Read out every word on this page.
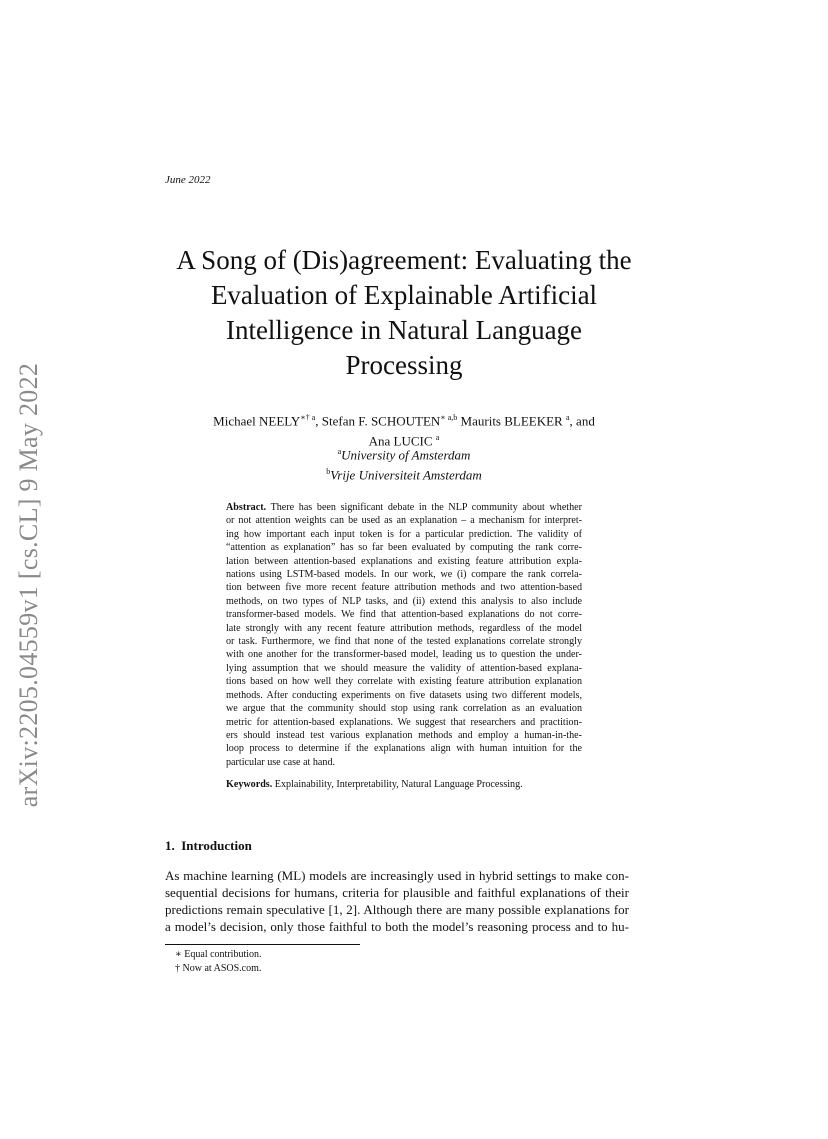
arXiv:2205.04559v1 [cs.CL] 9 May 2022
June 2022
A Song of (Dis)agreement: Evaluating the
Evaluation of Explainable Artificial
Intelligence in Natural Language
Processing
Michael $NEELY^{∗\dagger a}$, Stefan F. $SCHOUTEN^{∗ a,b}$ Maurits BLEEKER $^a$, and
Ana LUCIC $^a$
$^a$University of Amsterdam
$^b$Vrije Universiteit Amsterdam
Abstract. There has been significant debate in the NLP community about whether
or not attention weights can be used as an explanation – a mechanism for interpret-
ing how important each input token is for a particular prediction. The validity of
“attention as explanation” has so far been evaluated by computing the rank corre-
lation between attention-based explanations and existing feature attribution expla-
nations using LSTM-based models. In our work, we (i) compare the rank correla-
tion between five more recent feature attribution methods and two attention-based
methods, on two types of NLP tasks, and (ii) extend this analysis to also include
transformer-based models. We find that attention-based explanations do not corre-
late strongly with any recent feature attribution methods, regardless of the model
or task. Furthermore, we find that none of the tested explanations correlate strongly
with one another for the transformer-based model, leading us to question the under-
lying assumption that we should measure the validity of attention-based explana-
tions based on how well they correlate with existing feature attribution explanation
methods. After conducting experiments on five datasets using two different models,
we argue that the community should stop using rank correlation as an evaluation
metric for attention-based explanations. We suggest that researchers and practition-
ers should instead test various explanation methods and employ a human-in-the-
loop process to determine if the explanations align with human intuition for the
particular use case at hand.
Keywords. Explainability, Interpretability, Natural Language Processing.
1. Introduction
As machine learning (ML) models are increasingly used in hybrid settings to make con-
sequential decisions for humans, criteria for plausible and faithful explanations of their
predictions remain speculative [1, 2]. Although there are many possible explanations for
a model’s decision, only those faithful to both the model’s reasoning process and to hu-
∗ Equal contribution.
† Now at ASOS.com.
